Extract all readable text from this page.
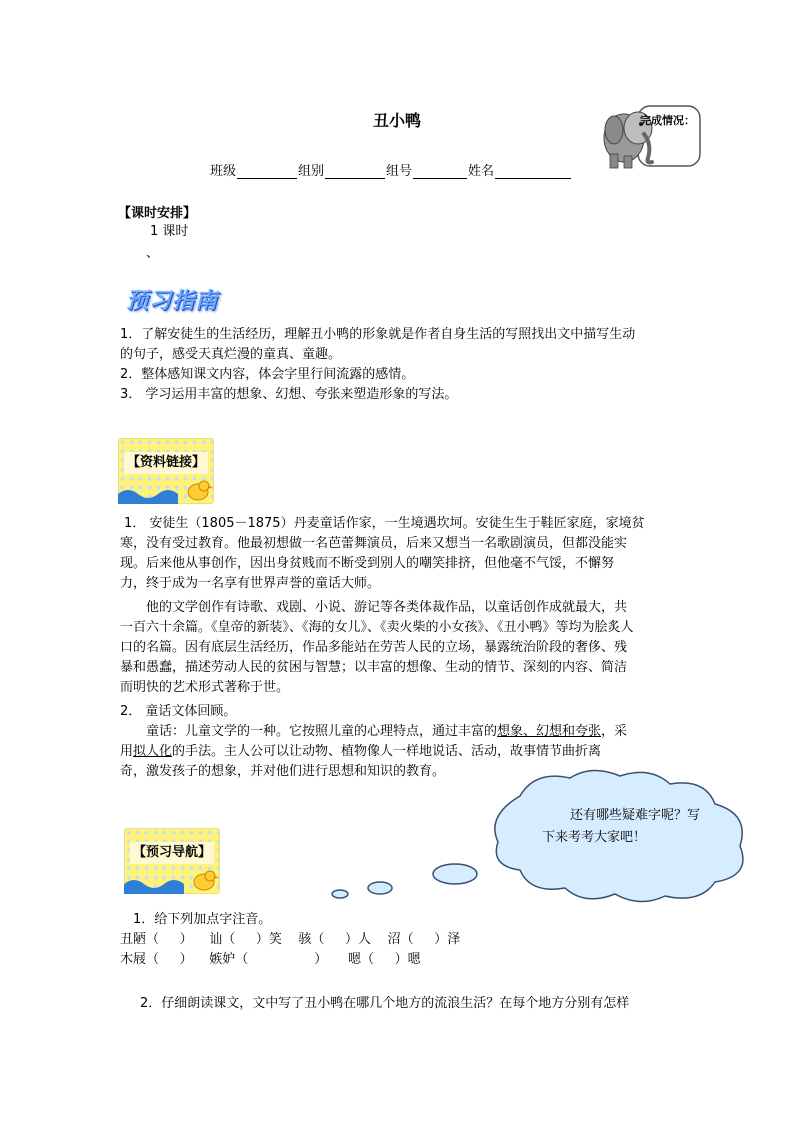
丑小鸭	完成情况：
班级	组别	组号	姓名
【课时安排】
1 课时
、
预习指南
1．了解安徒生的生活经历，理解丑小鸭的形象就是作者自身生活的写照找出文中描写生动
的句子，感受天真烂漫的童真、童趣。
2．整体感知课文内容，体会字里行间流露的感情。
3． 学习运用丰富的想象、幻想、夸张来塑造形象的写法。
【资料链接】
1． 安徒生（1805－1875）丹麦童话作家，一生境遇坎坷。安徒生生于鞋匠家庭，家境贫
寒，没有受过教育。他最初想做一名芭蕾舞演员，后来又想当一名歌剧演员，但都没能实
现。后来他从事创作，因出身贫贱而不断受到别人的嘲笑排挤，但他毫不气馁，不懈努
力，终于成为一名享有世界声誉的童话大师。
他的文学创作有诗歌、戏剧、小说、游记等各类体裁作品，以童话创作成就最大，共
一百六十余篇。《皇帝的新装》、《海的女儿》、《卖火柴的小女孩》、《丑小鸭》等均为脍炙人
口的名篇。因有底层生活经历，作品多能站在劳苦人民的立场，暴露统治阶段的奢侈、残
暴和愚蠢，描述劳动人民的贫困与智慧；以丰富的想像、生动的情节、深刻的内容、简洁
而明快的艺术形式著称于世。
2． 童话文体回顾。
童话：儿童文学的一种。它按照儿童的心理特点，通过丰富的想象、幻想和夸张，采
用拟人化的手法。主人公可以让动物、植物像人一样地说话、活动，故事情节曲折离
奇，激发孩子的想象，并对他们进行思想和知识的教育。
还有哪些疑难字呢？写
下来考考大家吧！
【预习导航】
1．给下列加点字注音。
丑陋（     ）    讪（     ）笑    骇（     ）人    沼（     ）泽
木屐（     ）    嫉妒（                ）     嗯（     ）嗯
2．仔细朗读课文，文中写了丑小鸭在哪几个地方的流浪生活？在每个地方分别有怎样
